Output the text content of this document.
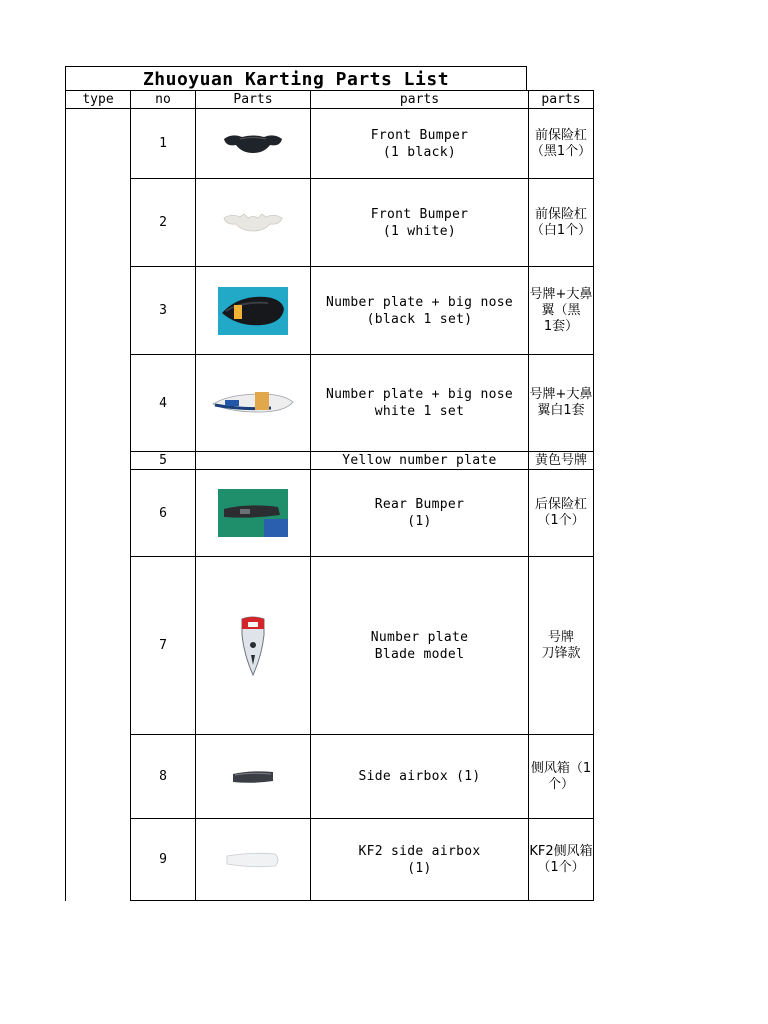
Zhuoyuan Karting Parts List
type	no	Parts	parts	parts
	1		Front Bumper
(1 black)	前保险杠
（黑1个）

	2		Front Bumper
(1 white)	前保险杠
（白1个）

	3		Number plate + big nose
(black 1 set)	号牌+大鼻
翼（黑
1套）

	4		Number plate + big nose
white 1 set	号牌+大鼻
翼白1套

	5		Yellow number plate	黄色号牌

	6		Rear Bumper
(1)	后保险杠
（1个）

	7		Number plate
Blade model	号牌
刀锋款

	8		Side airbox (1)	侧风箱（1
个）

	9		KF2 side airbox
(1)	KF2侧风箱
（1个）
